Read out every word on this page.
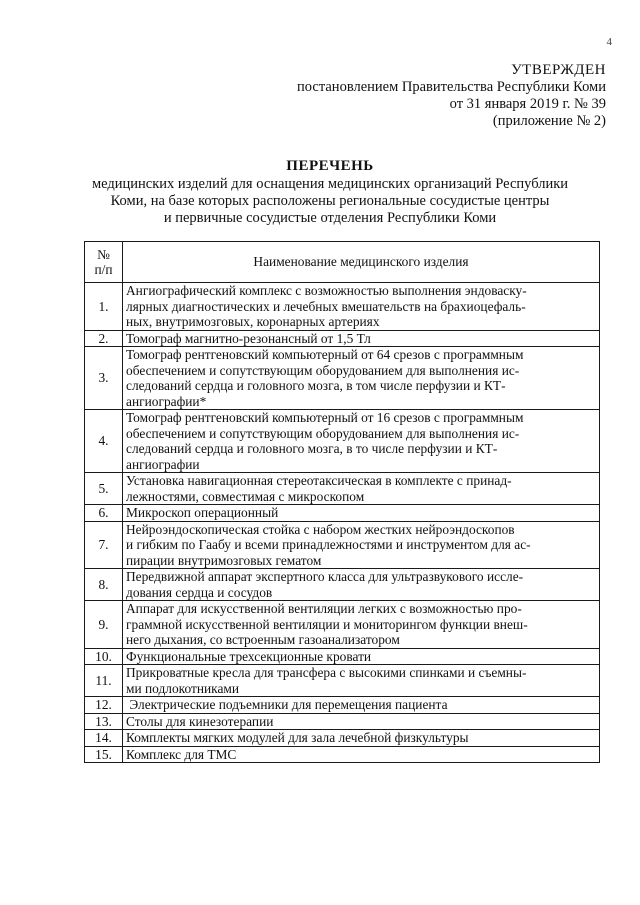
4
УТВЕРЖДЕН
постановлением Правительства Республики Коми
от 31 января 2019 г. № 39
(приложение № 2)
ПЕРЕЧЕНЬ
медицинских изделий для оснащения медицинских организаций Республики
Коми, на базе которых расположены региональные сосудистые центры
и первичные сосудистые отделения Республики Коми
№
п/п	Наименование медицинского изделия
1.	Ангиографический комплекс с возможностью выполнения эндоваску-
лярных диагностических и лечебных вмешательств на брахиоцефаль-
ных, внутримозговых, коронарных артериях

2.	Томограф магнитно-резонансный от 1,5 Тл

3.	Томограф рентгеновский компьютерный от 64 срезов с программным
обеспечением и сопутствующим оборудованием для выполнения ис-
следований сердца и головного мозга, в том числе перфузии и КТ-
ангиографии*

4.	Томограф рентгеновский компьютерный от 16 срезов с программным
обеспечением и сопутствующим оборудованием для выполнения ис-
следований сердца и головного мозга, в то числе перфузии и КТ-
ангиографии

5.	Установка навигационная стереотаксическая в комплекте с принад-
лежностями, совместимая с микроскопом

6.	Микроскоп операционный

7.	Нейроэндоскопическая стойка с набором жестких нейроэндоскопов
и гибким по Гаабу и всеми принадлежностями и инструментом для ас-
пирации внутримозговых гематом

8.	Передвижной аппарат экспертного класса для ультразвукового иссле-
дования сердца и сосудов

9.	Аппарат для искусственной вентиляции легких с возможностью про-
граммной искусственной вентиляции и мониторингом функции внеш-
него дыхания, со встроенным газоанализатором

10.	Функциональные трехсекционные кровати

11.	Прикроватные кресла для трансфера с высокими спинками и съемны-
ми подлокотниками

12.	Электрические подъемники для перемещения пациента

13.	Столы для кинезотерапии

14.	Комплекты мягких модулей для зала лечебной физкультуры

15.	Комплекс для ТМС
